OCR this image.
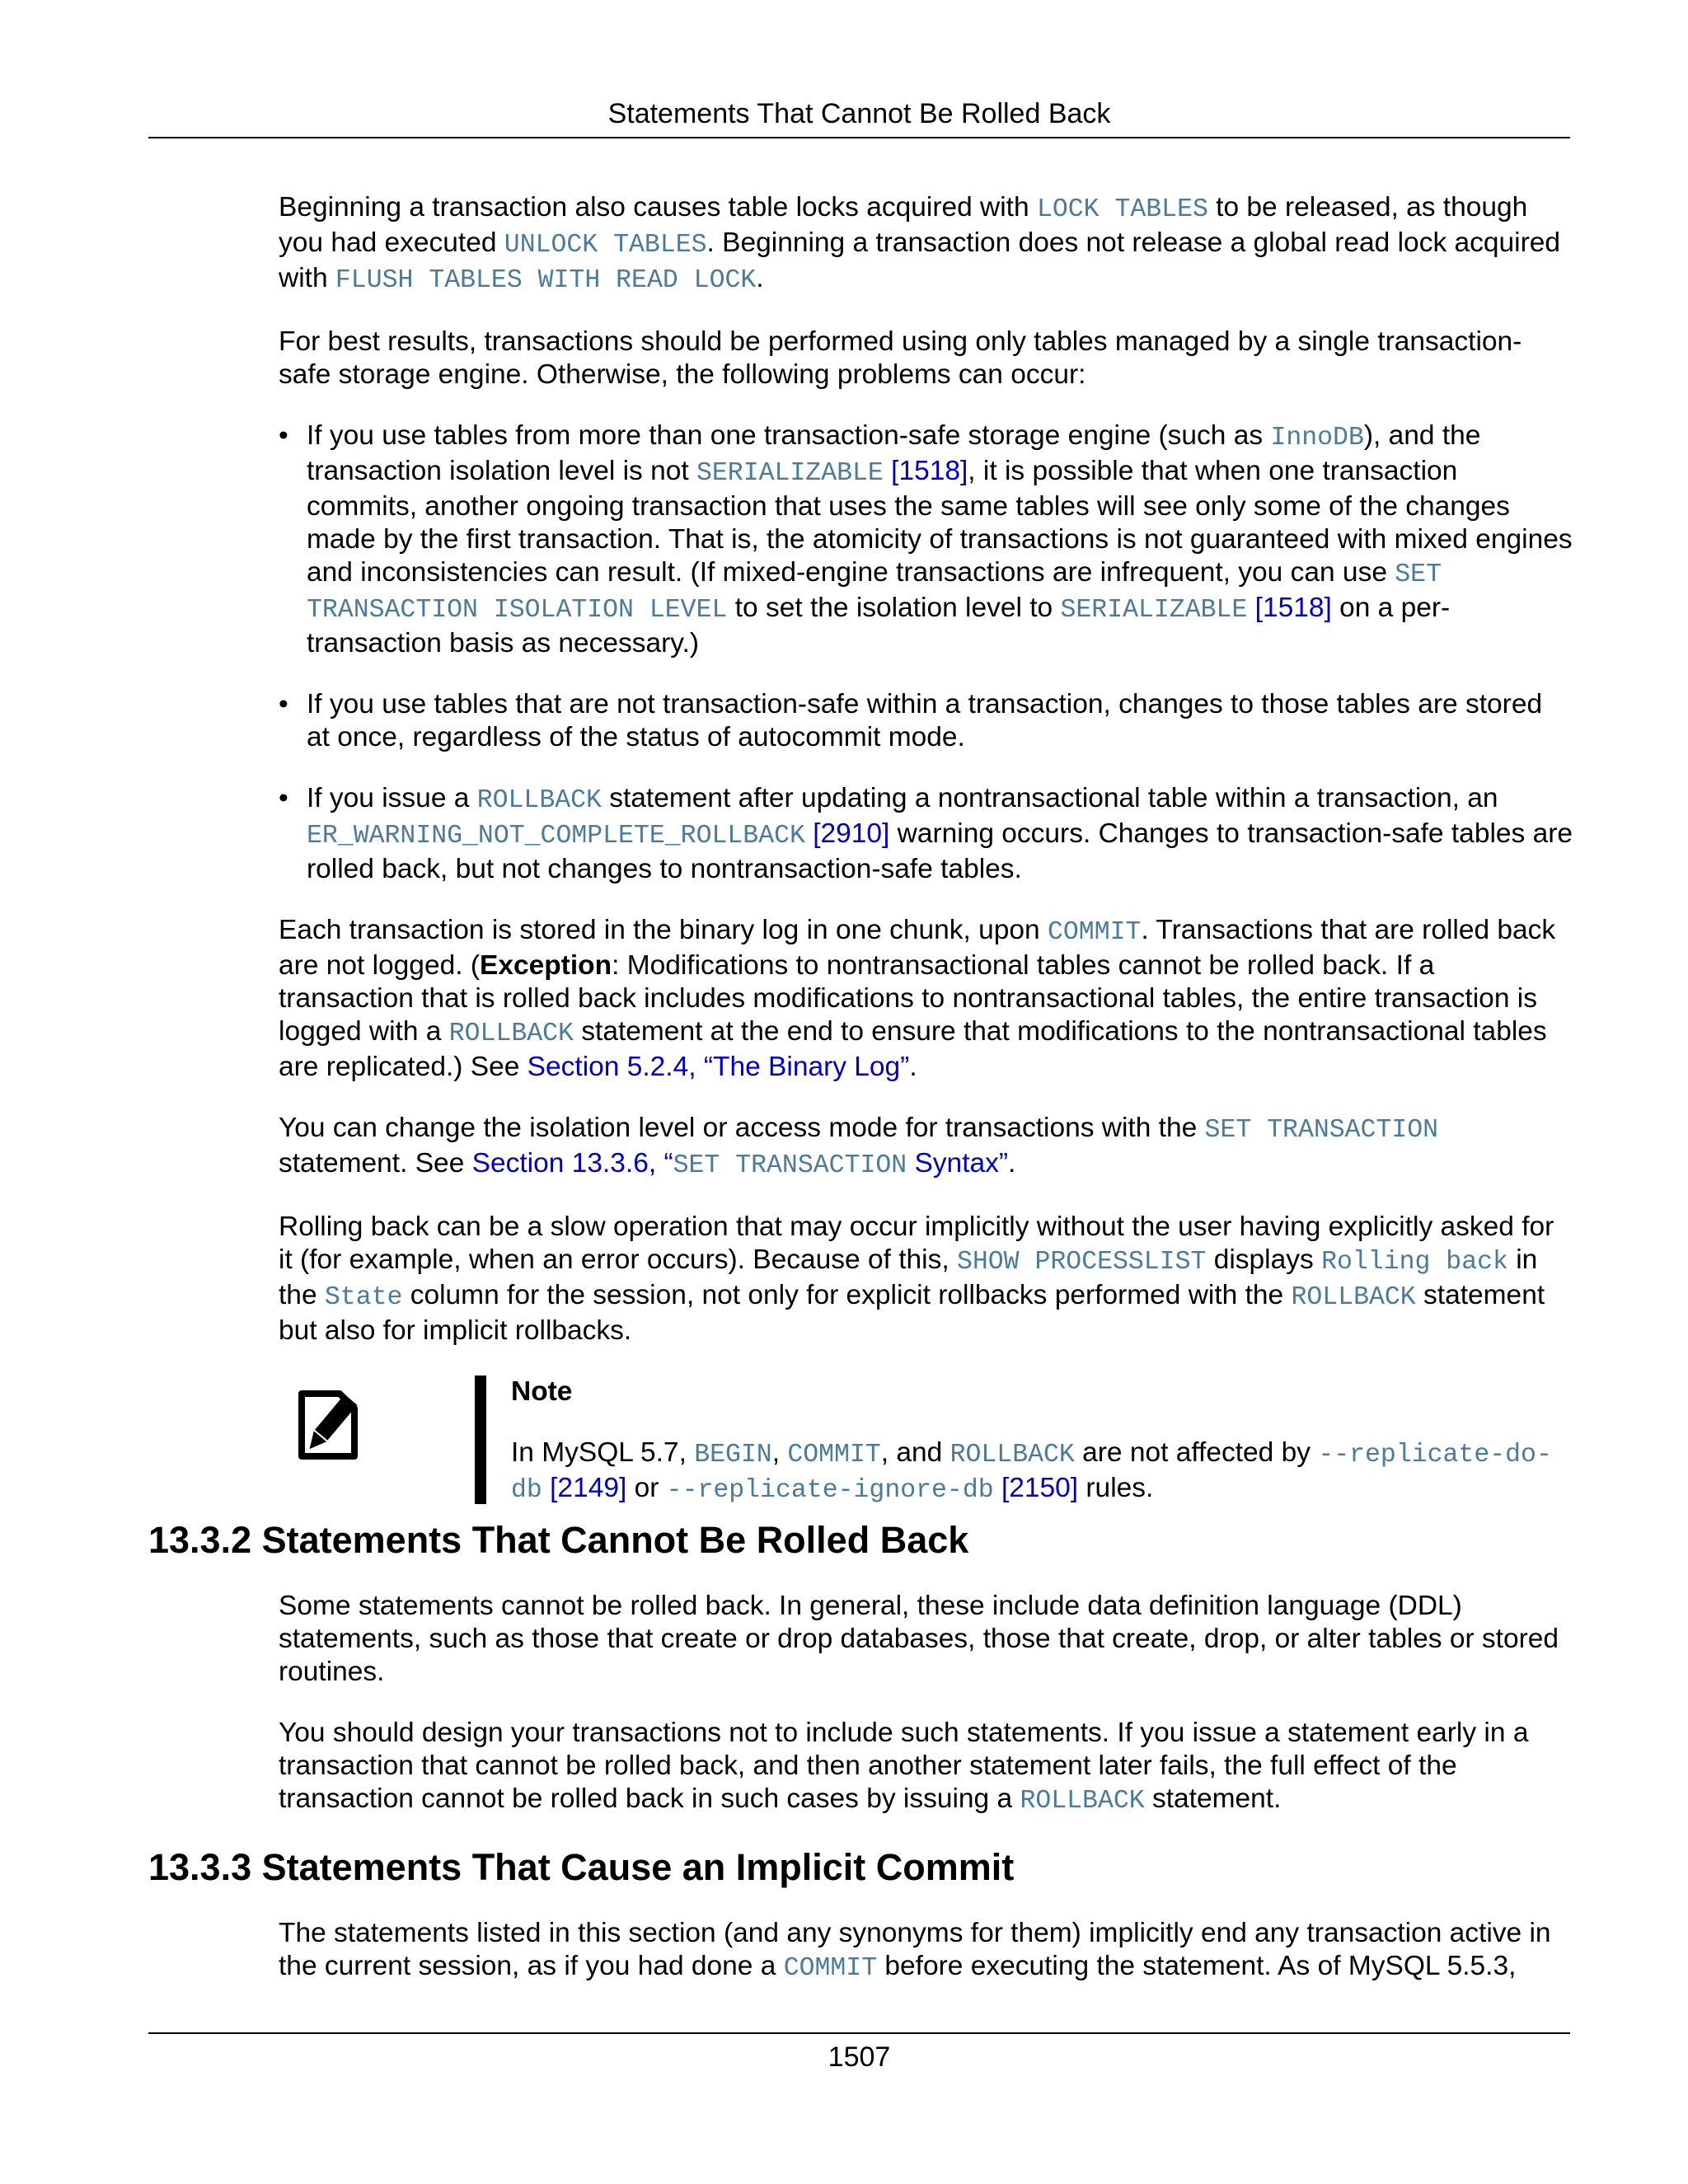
Statements That Cannot Be Rolled Back

Beginning a transaction also causes table locks acquired with LOCK TABLES to be released, as though you had executed UNLOCK TABLES. Beginning a transaction does not release a global read lock acquired with FLUSH TABLES WITH READ LOCK.

For best results, transactions should be performed using only tables managed by a single transaction-safe storage engine. Otherwise, the following problems can occur:

• If you use tables from more than one transaction-safe storage engine (such as InnoDB), and the transaction isolation level is not SERIALIZABLE [1518], it is possible that when one transaction commits, another ongoing transaction that uses the same tables will see only some of the changes made by the first transaction. That is, the atomicity of transactions is not guaranteed with mixed engines and inconsistencies can result. (If mixed-engine transactions are infrequent, you can use SET TRANSACTION ISOLATION LEVEL to set the isolation level to SERIALIZABLE [1518] on a per-transaction basis as necessary.)
• If you use tables that are not transaction-safe within a transaction, changes to those tables are stored at once, regardless of the status of autocommit mode.
• If you issue a ROLLBACK statement after updating a nontransactional table within a transaction, an ER_WARNING_NOT_COMPLETE_ROLLBACK [2910] warning occurs. Changes to transaction-safe tables are rolled back, but not changes to nontransaction-safe tables.

Each transaction is stored in the binary log in one chunk, upon COMMIT. Transactions that are rolled back are not logged. (Exception: Modifications to nontransactional tables cannot be rolled back. If a transaction that is rolled back includes modifications to nontransactional tables, the entire transaction is logged with a ROLLBACK statement at the end to ensure that modifications to the nontransactional tables are replicated.) See Section 5.2.4, “The Binary Log”.

You can change the isolation level or access mode for transactions with the SET TRANSACTION statement. See Section 13.3.6, “SET TRANSACTION Syntax”.

Rolling back can be a slow operation that may occur implicitly without the user having explicitly asked for it (for example, when an error occurs). Because of this, SHOW PROCESSLIST displays Rolling back in the State column for the session, not only for explicit rollbacks performed with the ROLLBACK statement but also for implicit rollbacks.

Note

In MySQL 5.7, BEGIN, COMMIT, and ROLLBACK are not affected by --replicate-do-db [2149] or --replicate-ignore-db [2150] rules.

13.3.2 Statements That Cannot Be Rolled Back

Some statements cannot be rolled back. In general, these include data definition language (DDL) statements, such as those that create or drop databases, those that create, drop, or alter tables or stored routines.

You should design your transactions not to include such statements. If you issue a statement early in a transaction that cannot be rolled back, and then another statement later fails, the full effect of the transaction cannot be rolled back in such cases by issuing a ROLLBACK statement.

13.3.3 Statements That Cause an Implicit Commit

The statements listed in this section (and any synonyms for them) implicitly end any transaction active in the current session, as if you had done a COMMIT before executing the statement. As of MySQL 5.5.3,

1507
